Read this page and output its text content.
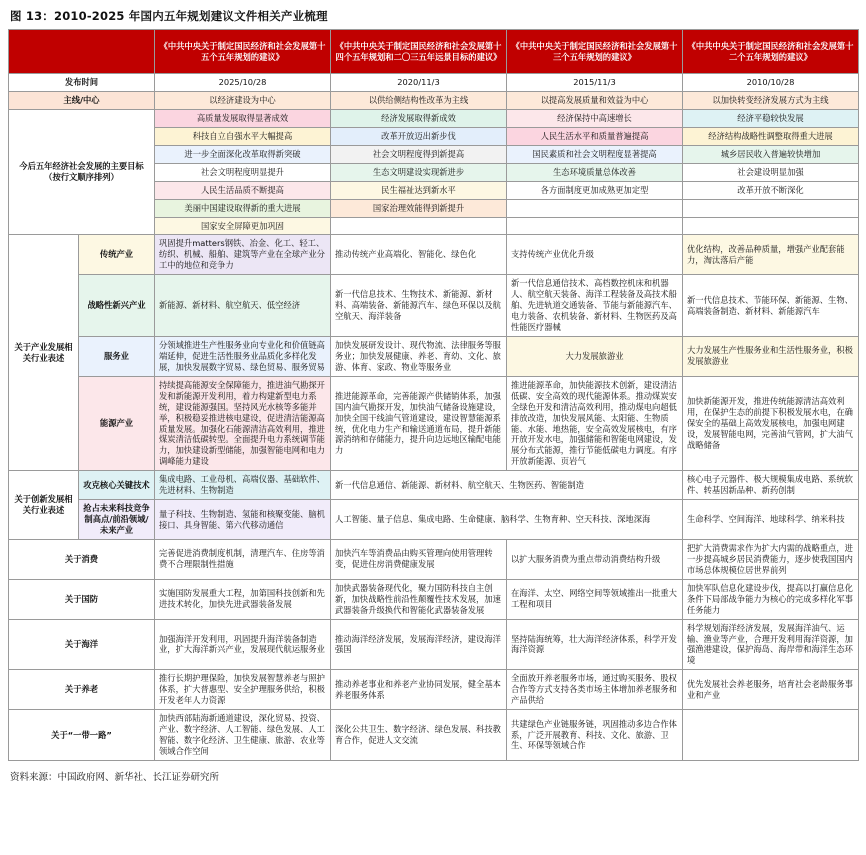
图 13：2010-2025 年国内五年规划建议文件相关产业梳理
		《中共中央关于制定国民经济和社会发展第十五个五年规划的建议》	《中共中央关于制定国民经济和社会发展第十四个五年规划和二〇三五年远景目标的建议》	《中共中央关于制定国民经济和社会发展第十三个五年规划的建议》	《中共中央关于制定国民经济和社会发展第十二个五年规划的建议》
发布时间		2025/10/28	2020/11/3	2015/11/3	2010/10/28
主线/中心		以经济建设为中心	以供给侧结构性改革为主线	以提高发展质量和效益为中心	以加快转变经济发展方式为主线

今后五年经济社会发展的主要目标
（按行文顺序排列）		高质量发展取得显著成效	经济发展取得新成效	经济保持中高速增长	经济平稳较快发展
		科技自立自强水平大幅提高	改革开放迈出新步伐	人民生活水平和质量普遍提高	经济结构战略性调整取得重大进展
		进一步全面深化改革取得新突破	社会文明程度得到新提高	国民素质和社会文明程度显著提高	城乡居民收入普遍较快增加
		社会文明程度明显提升	生态文明建设实现新进步	生态环境质量总体改善	社会建设明显加强
		人民生活品质不断提高	民生福祉达到新水平	各方面制度更加成熟更加定型	改革开放不断深化
		美丽中国建设取得新的重大进展	国家治理效能得到新提升		
		国家安全屏障更加巩固			
关于产业发展相关行业表述	传统产业	巩固提升matters钢铁、冶金、化工、轻工、纺织、机械、船舶、建筑等产业在全球产业分工中的地位和竞争力	推动传统产业高端化、智能化、绿色化	支持传统产业优化升级	优化结构，改善品种质量，增强产业配套能力，淘汰落后产能
	战略性新兴产业	新能源、新材料、航空航天、低空经济	新一代信息技术、生物技术、新能源、新材料、高端装备、新能源汽车、绿色环保以及航空航天、海洋装备	新一代信息通信技术、高档数控机床和机器人、航空航天装备、海洋工程装备及高技术船舶、先进轨道交通装备、节能与新能源汽车、电力装备、农机装备、新材料、生物医药及高性能医疗器械	新一代信息技术、节能环保、新能源、生物、高端装备制造、新材料、新能源汽车
	服务业	分领域推进生产性服务业向专业化和价值链高端延伸，促进生活性服务业品质化多样化发展，加快发展数字贸易、绿色贸易、服务贸易	加快发展研发设计、现代物流、法律服务等服务业；加快发展健康、养老、育幼、文化、旅游、体育、家政、物业等服务业	大力发展旅游业	大力发展生产性服务业和生活性服务业，积极发展旅游业
	能源产业	持续提高能源安全保障能力，推进油气勘探开发和新能源开发利用，着力构建新型电力系统，建设能源强国。坚持风光水核等多能并举，积极稳妥推进核电建设，促进清洁能源高质量发展。加强化石能源清洁高效利用，推进煤炭清洁低碳转型。全面提升电力系统调节能力，加快建设新型储能，加强智能电网和电力调峰能力建设	推进能源革命，完善能源产供储销体系，加强国内油气勘探开发，加快油气储备设施建设，加快全国干线油气管道建设，建设智慧能源系统，优化电力生产和输送通道布局，提升新能源消纳和存储能力，提升向边远地区输配电能力	推进能源革命，加快能源技术创新，建设清洁低碳、安全高效的现代能源体系。推动煤炭安全绿色开发和清洁高效利用，推动煤电向超低排放改造，加快发展风能、太阳能、生物质能、水能、地热能，安全高效发展核电，有序开放开发水电，加强储能和智能电网建设，发展分布式能源，推行节能低碳电力调度。有序开放新能源、页岩气	加快新能源开发，推进传统能源清洁高效利用，在保护生态的前提下积极发展水电，在确保安全的基础上高效发展核电，加强电网建设，发展智能电网，完善油气管网，扩大油气战略储备
关于创新发展相关行业表述	攻克核心关键技术	集成电路、工业母机、高端仪器、基础软件、先进材料、生物制造	新一代信息通信、新能源、新材料、航空航天、生物医药、智能制造		核心电子元器件、极大规模集成电路、系统软件、转基因新品种、新药创制
	抢占未来科技竞争制高点/前沿领域/未来产业	量子科技、生物制造、氢能和核聚变能、脑机接口、具身智能、第六代移动通信	人工智能、量子信息、集成电路、生命健康、脑科学、生物育种、空天科技、深地深海		生命科学、空间海洋、地球科学、纳米科技
关于消费		完善促进消费制度机制，清理汽车、住房等消费不合理限制性措施	加快汽车等消费品由购买管理向使用管理转变，促进住房消费健康发展	以扩大服务消费为重点带动消费结构升级	把扩大消费需求作为扩大内需的战略重点，进一步提高城乡居民消费能力，逐步使我国国内市场总体规模位居世界前列
关于国防		实施国防发展重大工程，加第国科技创新和先进技术转化，加快先进武器装备发展	加快武器装备现代化，聚力国防科技自主创新，加快战略性前沿性颠覆性技术发展，加速武器装备升级换代和智能化武器装备发展	在海洋、太空、网络空间等领域推出一批重大工程和项目	加快军队信息化建设步伐，提高以打赢信息化条件下局部战争能力为核心的完成多样化军事任务能力
关于海洋		加强海洋开发利用，巩固提升海洋装备制造业，扩大海洋新兴产业，发展现代航运服务业	推动海洋经济发展，发展海洋经济，建设海洋强国	坚持陆海统筹，壮大海洋经济体系，科学开发海洋资源	科学规划海洋经济发展，发展海洋油气、运输、渔业等产业，合理开发利用海洋资源，加强渔港建设，保护海岛、海岸带和海洋生态环境
关于养老		推行长期护理保险，加快发展智慧养老与照护体系，扩大普惠型、安全护理服务供给，积极开发老年人力资源	推动养老事业和养老产业协同发展，健全基本养老服务体系	全面放开养老服务市场，通过购买服务、股权合作等方式支持各类市场主体增加养老服务和产品供给	优先发展社会养老服务，培育社会老龄服务事业和产业
关于“一带一路”		加快西部陆海新通道建设，深化贸易、投资、产业、数字经济、人工智能、绿色发展、人工智能、数字化经济、卫生健康、旅游、农业等领域合作空间	深化公共卫生、数字经济、绿色发展、科技教育合作，促进人文交流	共建绿色产业链服务链，巩固推动多边合作体系，广泛开展教育、科技、文化、旅游、卫生、环保等领域合作	
资料来源：中国政府网、新华社、长江证券研究所
